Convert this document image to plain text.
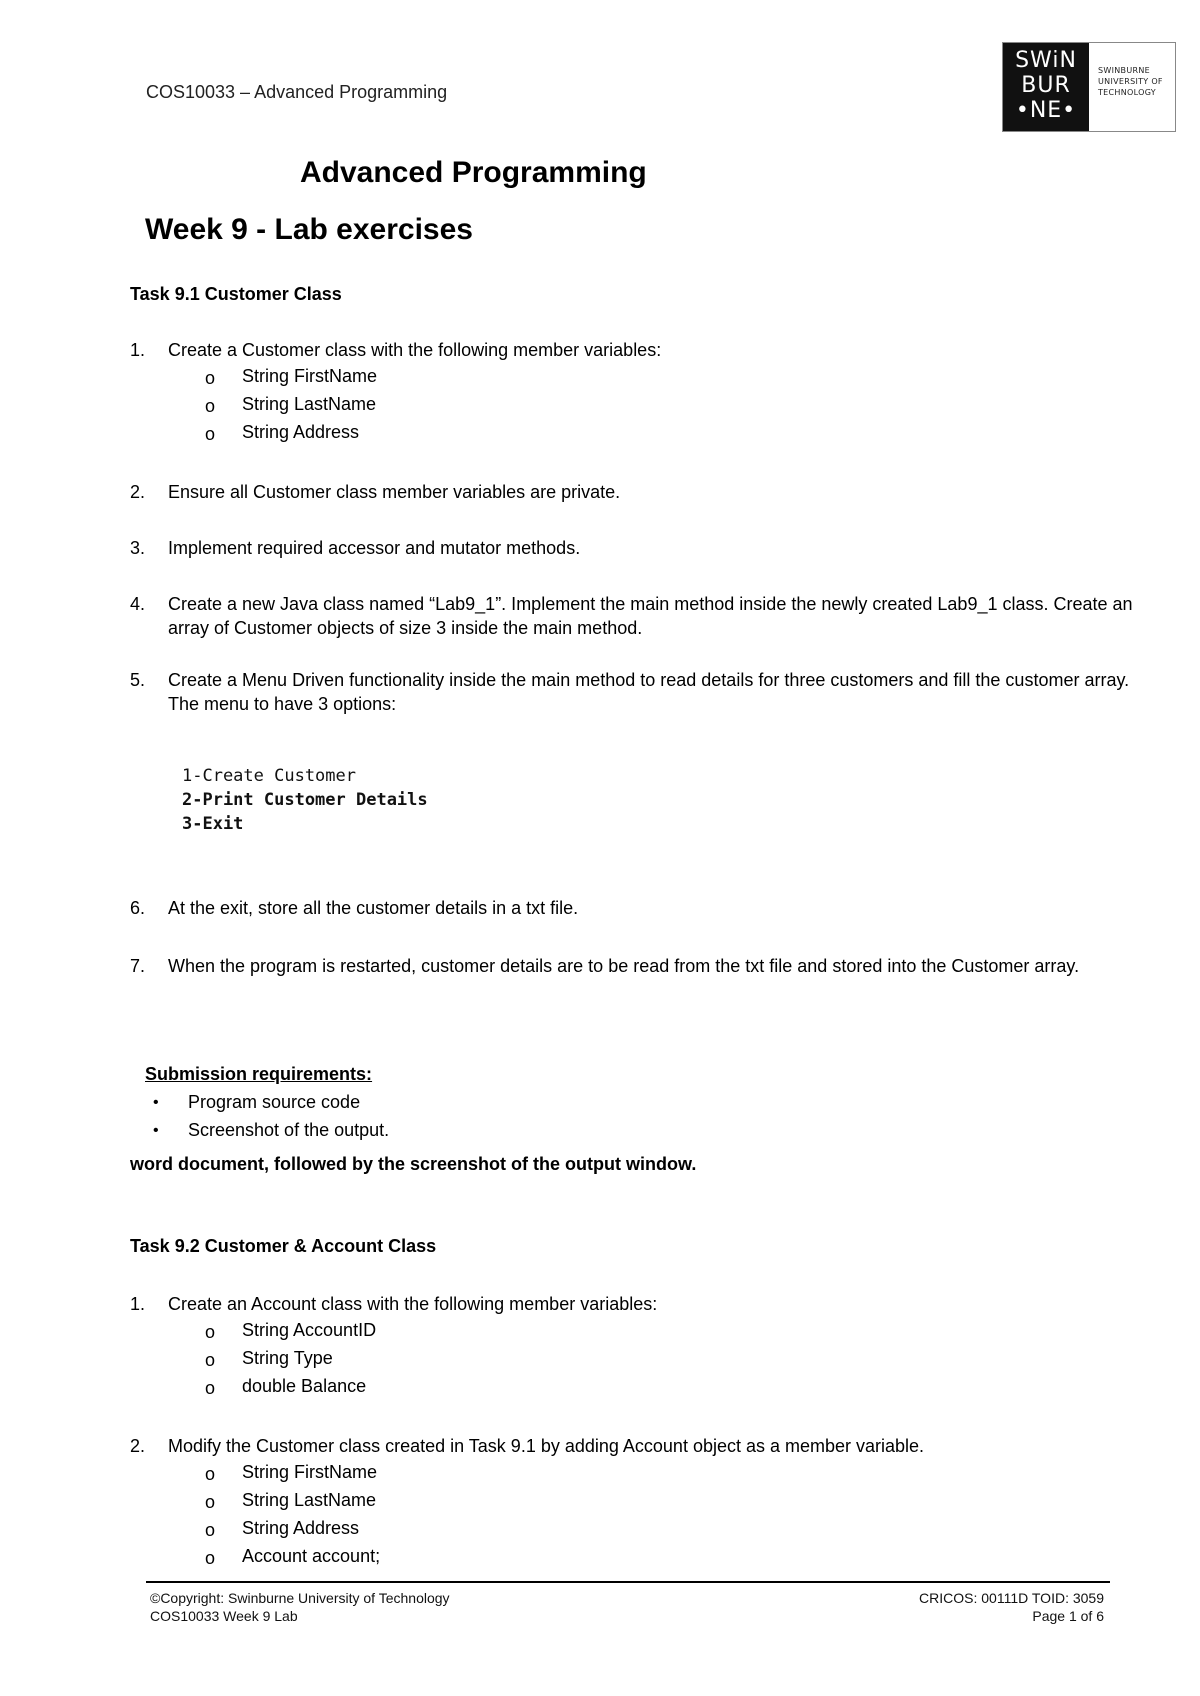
COS10033 – Advanced Programming
SWiN
BUR
•NE•
SWINBURNE
UNIVERSITY OF
TECHNOLOGY
Advanced Programming
Week 9 - Lab exercises
Task 9.1 Customer Class
1. Create a Customer class with the following member variables:
o String FirstName
o String LastName
o String Address
2. Ensure all Customer class member variables are private.
3. Implement required accessor and mutator methods.
4. Create a new Java class named “Lab9_1”. Implement the main method inside the newly created Lab9_1 class. Create an array of Customer objects of size 3 inside the main method.
5. Create a Menu Driven functionality inside the main method to read details for three customers and fill the customer array. The menu to have 3 options:
1-Create Customer
2-Print Customer Details
3-Exit
6. At the exit, store all the customer details in a txt file.
7. When the program is restarted, customer details are to be read from the txt file and stored into the Customer array.
Submission requirements:
• Program source code
• Screenshot of the output.
word document, followed by the screenshot of the output window.
Task 9.2 Customer & Account Class
1. Create an Account class with the following member variables:
o String AccountID
o String Type
o double Balance
2. Modify the Customer class created in Task 9.1 by adding Account object as a member variable.
o String FirstName
o String LastName
o String Address
o Account account;
©Copyright: Swinburne University of Technology
COS10033 Week 9 Lab
CRICOS: 00111D TOID: 3059
Page 1 of 6
